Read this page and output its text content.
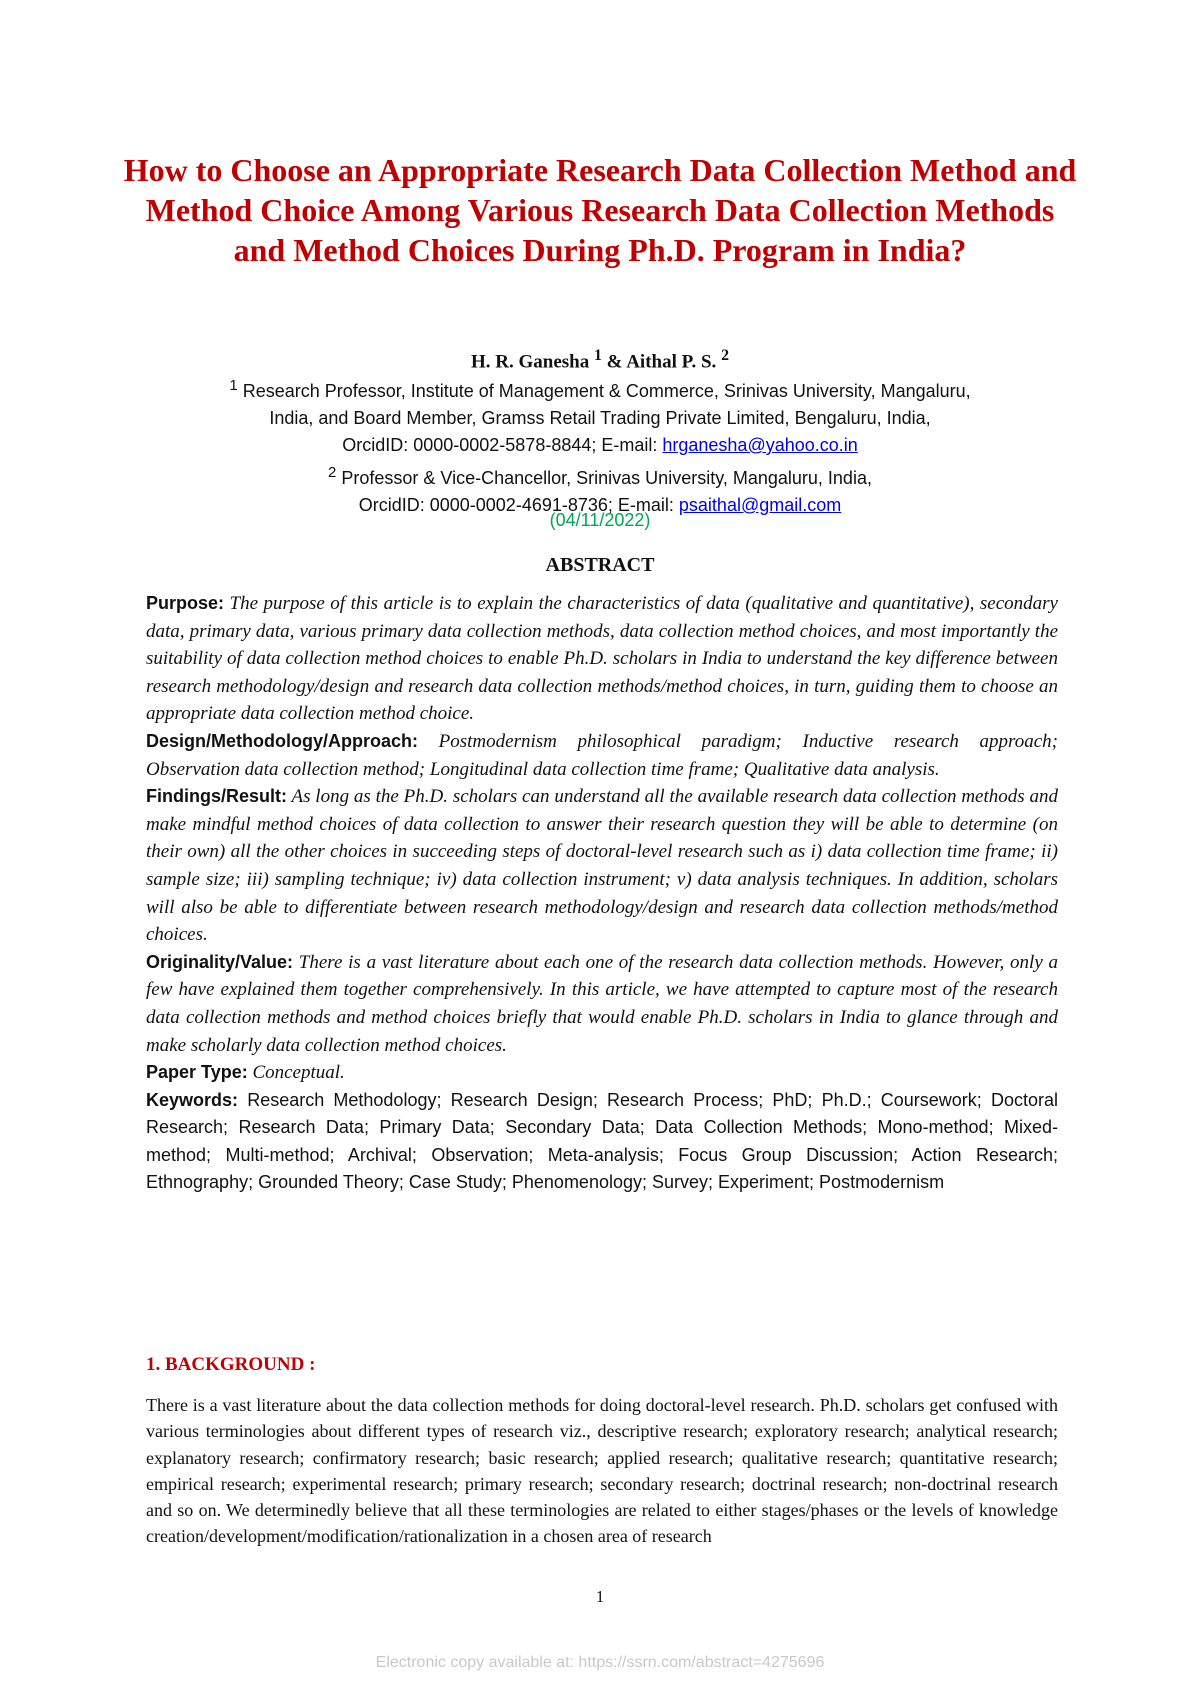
How to Choose an Appropriate Research Data Collection Method and Method Choice Among Various Research Data Collection Methods and Method Choices During Ph.D. Program in India?
H. R. Ganesha $^1$ & Aithal P. S. $^2$
$^1$ Research Professor, Institute of Management & Commerce, Srinivas University, Mangaluru,
India, and Board Member, Gramss Retail Trading Private Limited, Bengaluru, India,
OrcidID: 0000-0002-5878-8844; E-mail: hrganesha@yahoo.co.in
$^2$ Professor & Vice-Chancellor, Srinivas University, Mangaluru, India,
OrcidID: 0000-0002-4691-8736; E-mail: psaithal@gmail.com
(04/11/2022)
ABSTRACT

Purpose: The purpose of this article is to explain the characteristics of data (qualitative and quantitative), secondary data, primary data, various primary data collection methods, data collection method choices, and most importantly the suitability of data collection method choices to enable Ph.D. scholars in India to understand the key difference between research methodology/design and research data collection methods/method choices, in turn, guiding them to choose an appropriate data collection method choice.

Design/Methodology/Approach: Postmodernism philosophical paradigm; Inductive research approach; Observation data collection method; Longitudinal data collection time frame; Qualitative data analysis.

Findings/Result: As long as the Ph.D. scholars can understand all the available research data collection methods and make mindful method choices of data collection to answer their research question they will be able to determine (on their own) all the other choices in succeeding steps of doctoral-level research such as i) data collection time frame; ii) sample size; iii) sampling technique; iv) data collection instrument; v) data analysis techniques. In addition, scholars will also be able to differentiate between research methodology/design and research data collection methods/method choices.

Originality/Value: There is a vast literature about each one of the research data collection methods. However, only a few have explained them together comprehensively. In this article, we have attempted to capture most of the research data collection methods and method choices briefly that would enable Ph.D. scholars in India to glance through and make scholarly data collection method choices.

Paper Type: Conceptual.

Keywords: Research Methodology; Research Design; Research Process; PhD; Ph.D.; Coursework; Doctoral Research; Research Data; Primary Data; Secondary Data; Data Collection Methods; Mono-method; Mixed-method; Multi-method; Archival; Observation; Meta-analysis; Focus Group Discussion; Action Research; Ethnography; Grounded Theory; Case Study; Phenomenology; Survey; Experiment; Postmodernism

1. BACKGROUND :

There is a vast literature about the data collection methods for doing doctoral-level research. Ph.D. scholars get confused with various terminologies about different types of research viz., descriptive research; exploratory research; analytical research; explanatory research; confirmatory research; basic research; applied research; qualitative research; quantitative research; empirical research; experimental research; primary research; secondary research; doctrinal research; non-doctrinal research and so on. We determinedly believe that all these terminologies are related to either stages/phases or the levels of knowledge creation/development/modification/rationalization in a chosen area of research

1
Electronic copy available at: https://ssrn.com/abstract=4275696
